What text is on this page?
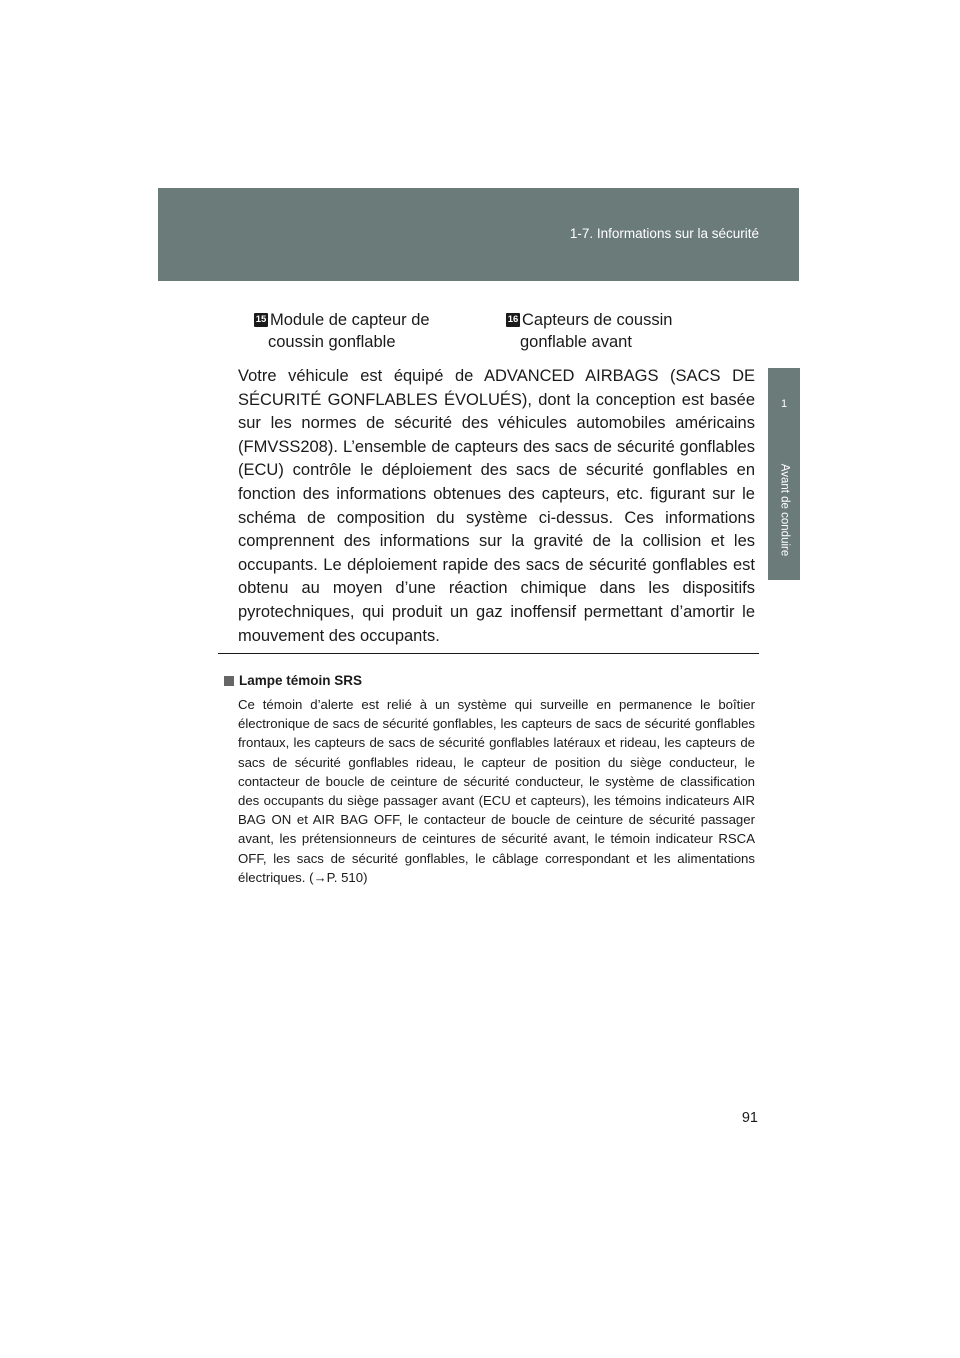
1-7. Informations sur la sécurité
1
Avant de conduire
15 Module de capteur de
coussin gonflable
16 Capteurs de coussin
gonflable avant

Votre véhicule est équipé de ADVANCED AIRBAGS (SACS DE SÉCURITÉ GONFLABLES ÉVOLUÉS), dont la conception est basée sur les normes de sécurité des véhicules automobiles américains (FMVSS208). L’ensemble de capteurs des sacs de sécurité gonflables (ECU) contrôle le déploiement des sacs de sécurité gonflables en fonction des informations obtenues des capteurs, etc. figurant sur le schéma de composition du système ci-dessus. Ces informations comprennent des informations sur la gravité de la collision et les occupants. Le déploiement rapide des sacs de sécurité gonflables est obtenu au moyen d’une réaction chimique dans les dispositifs pyrotechniques, qui produit un gaz inoffensif permettant d’amortir le mouvement des occupants.

Lampe témoin SRS

Ce témoin d’alerte est relié à un système qui surveille en permanence le boîtier électronique de sacs de sécurité gonflables, les capteurs de sacs de sécurité gonflables frontaux, les capteurs de sacs de sécurité gonflables latéraux et rideau, les capteurs de sacs de sécurité gonflables rideau, le capteur de position du siège conducteur, le contacteur de boucle de ceinture de sécurité conducteur, le système de classification des occupants du siège passager avant (ECU et capteurs), les témoins indicateurs AIR BAG ON et AIR BAG OFF, le contacteur de boucle de ceinture de sécurité passager avant, les prétensionneurs de ceintures de sécurité avant, le témoin indicateur RSCA OFF, les sacs de sécurité gonflables, le câblage correspondant et les alimentations électriques. (→P. 510)

91
